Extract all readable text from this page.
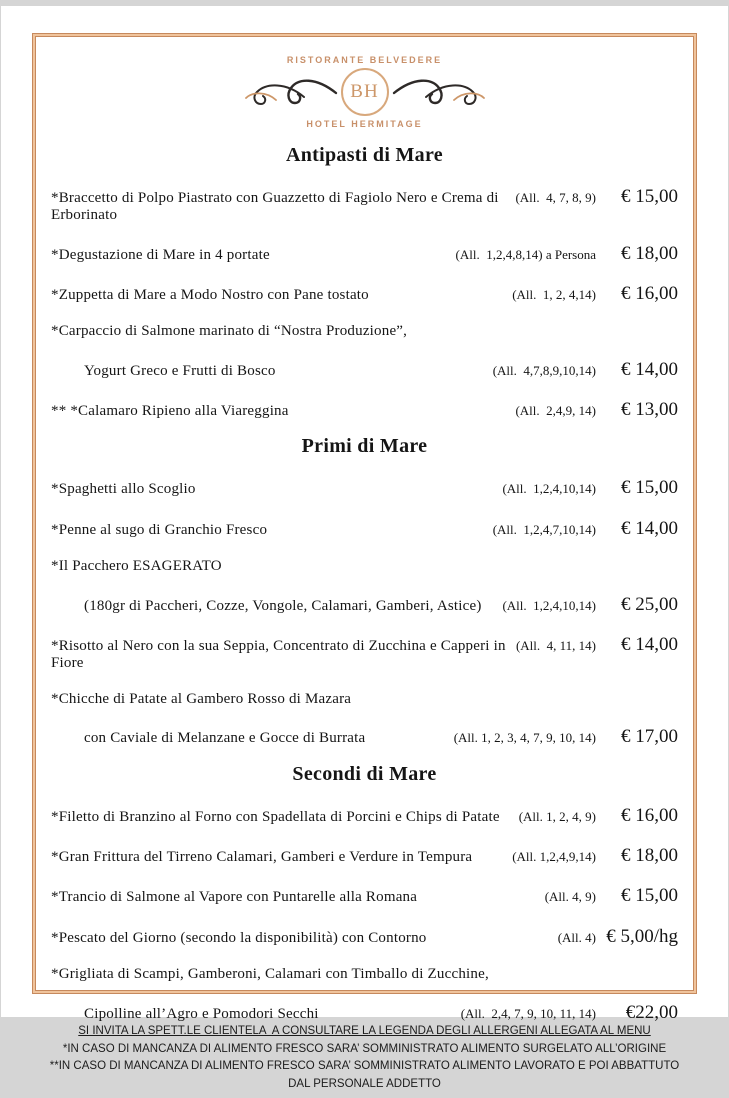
RISTORANTE BELVEDERE
BH
HOTEL HERMITAGE
Antipasti di Mare
*Braccetto di Polpo Piastrato con Guazzetto di Fagiolo Nero e Crema di Erborinato
(All.  4, 7, 8, 9)	€ 15,00
*Degustazione di Mare in 4 portate	(All.  1,2,4,8,14) a Persona	€ 18,00
*Zuppetta di Mare a Modo Nostro con Pane tostato	(All.  1, 2, 4,14)	€ 16,00
*Carpaccio di Salmone marinato di “Nostra Produzione”,
Yogurt Greco e Frutti di Bosco	(All.  4,7,8,9,10,14)	€ 14,00
** *Calamaro Ripieno alla Viareggina	(All.  2,4,9, 14)	€ 13,00
Primi di Mare
*Spaghetti allo Scoglio	(All.  1,2,4,10,14)	€ 15,00
*Penne al sugo di Granchio Fresco	(All.  1,2,4,7,10,14)	€ 14,00
*Il Pacchero ESAGERATO
(180gr di Paccheri, Cozze, Vongole, Calamari, Gamberi, Astice)	(All.  1,2,4,10,14)	€ 25,00
*Risotto al Nero con la sua Seppia, Concentrato di Zucchina e Capperi in Fiore
(All.  4, 11, 14)	€ 14,00
*Chicche di Patate al Gambero Rosso di Mazara
con Caviale di Melanzane e Gocce di Burrata	(All. 1, 2, 3, 4, 7, 9, 10, 14)	€ 17,00
Secondi di Mare
*Filetto di Branzino al Forno con Spadellata di Porcini e Chips di Patate	(All. 1, 2, 4, 9)	€ 16,00
*Gran Frittura del Tirreno Calamari, Gamberi e Verdure in Tempura	(All. 1,2,4,9,14)	€ 18,00
*Trancio di Salmone al Vapore con Puntarelle alla Romana	(All. 4, 9)	€ 15,00
*Pescato del Giorno (secondo la disponibilità) con Contorno	(All. 4) € 5,00/hg
*Grigliata di Scampi, Gamberoni, Calamari con Timballo di Zucchine,
Cipolline all’Agro e Pomodori Secchi	(All.  2,4, 7, 9, 10, 11, 14)	€22,00
SI INVITA LA SPETT.LE CLIENTELA  A CONSULTARE LA LEGENDA DEGLI ALLERGENI ALLEGATA AL MENU
*IN CASO DI MANCANZA DI ALIMENTO FRESCO SARA’ SOMMINISTRATO ALIMENTO SURGELATO ALL’ORIGINE
**IN CASO DI MANCANZA DI ALIMENTO FRESCO SARA’ SOMMINISTRATO ALIMENTO LAVORATO E POI ABBATTUTO DAL PERSONALE ADDETTO
